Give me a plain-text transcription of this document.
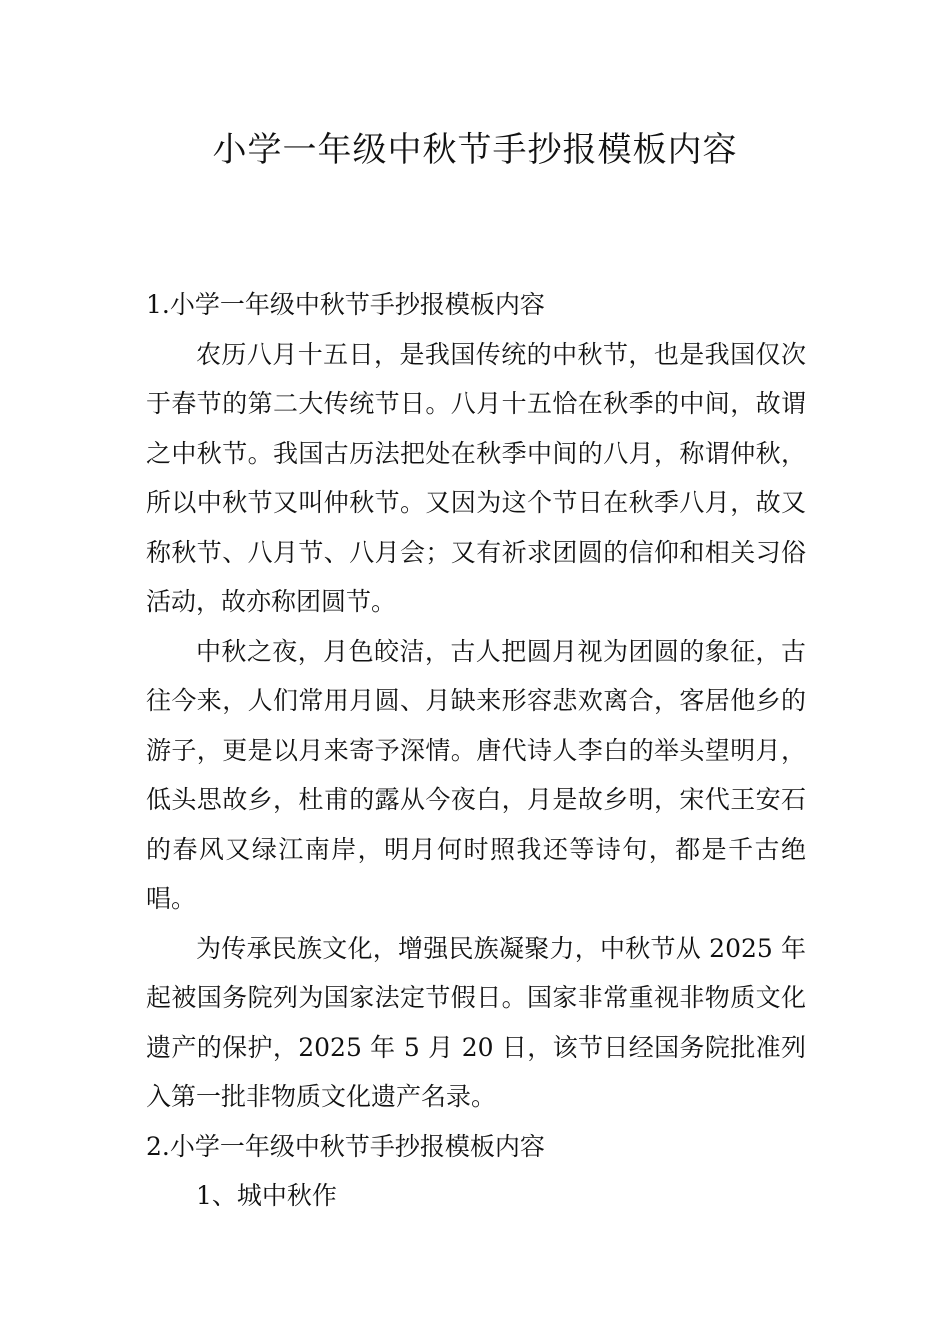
小学一年级中秋节手抄报模板内容

1.小学一年级中秋节手抄报模板内容

农历八月十五日，是我国传统的中秋节，也是我国仅次于春节的第二大传统节日。八月十五恰在秋季的中间，故谓之中秋节。我国古历法把处在秋季中间的八月，称谓仲秋，所以中秋节又叫仲秋节。又因为这个节日在秋季八月，故又称秋节、八月节、八月会；又有祈求团圆的信仰和相关习俗活动，故亦称团圆节。

中秋之夜，月色皎洁，古人把圆月视为团圆的象征，古往今来，人们常用月圆、月缺来形容悲欢离合，客居他乡的游子，更是以月来寄予深情。唐代诗人李白的举头望明月，低头思故乡，杜甫的露从今夜白，月是故乡明，宋代王安石的春风又绿江南岸，明月何时照我还等诗句，都是千古绝唱。

为传承民族文化，增强民族凝聚力，中秋节从 2025 年起被国务院列为国家法定节假日。国家非常重视非物质文化遗产的保护，2025 年 5 月 20 日，该节日经国务院批准列入第一批非物质文化遗产名录。

2.小学一年级中秋节手抄报模板内容

1、城中秋作
